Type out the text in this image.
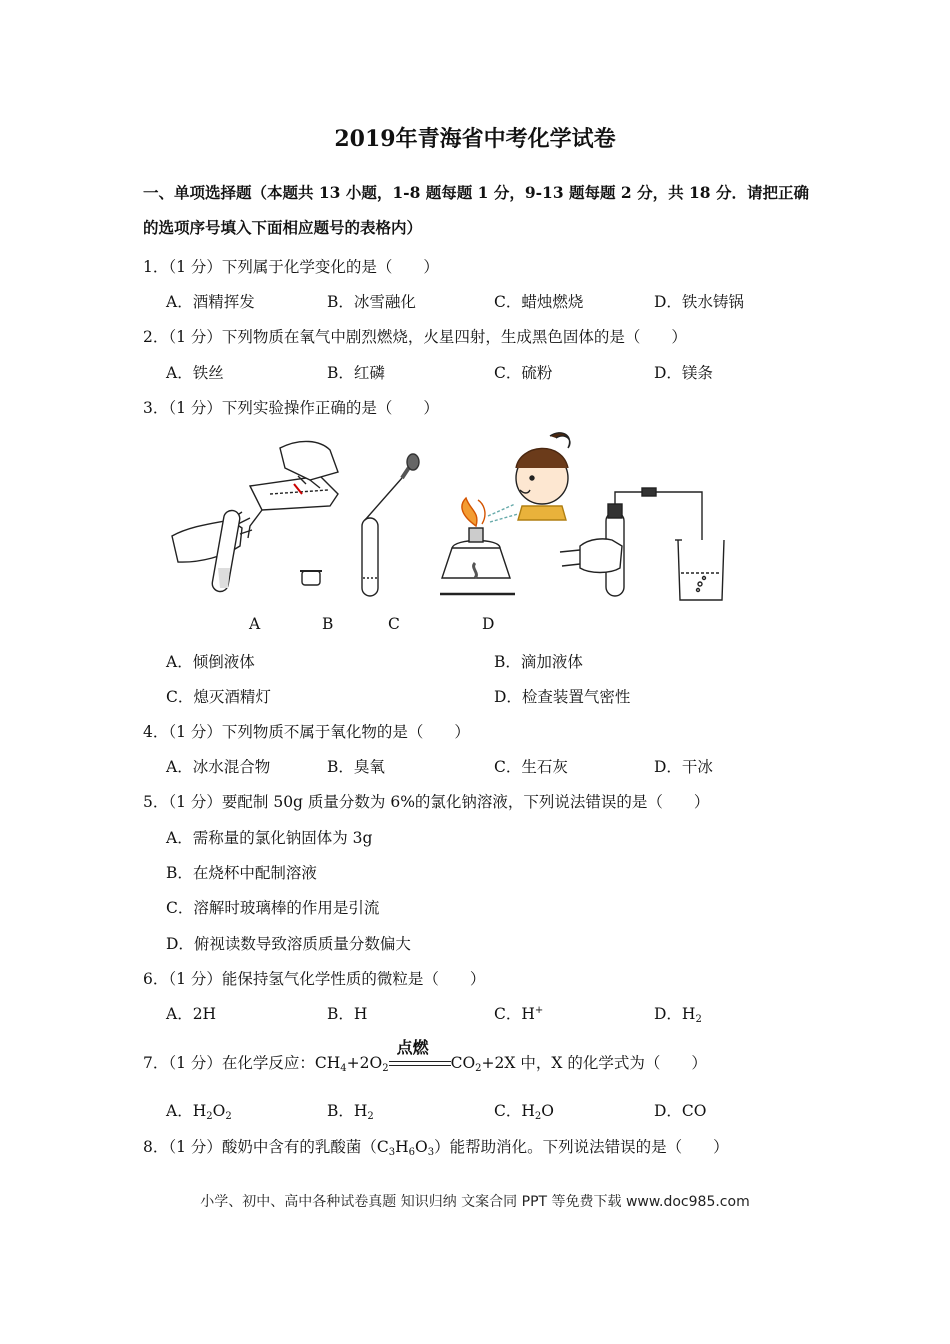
2019年青海省中考化学试卷
一、单项选择题（本题共 13 小题，1-8 题每题 1 分，9-13 题每题 2 分，共 18 分．请把正确
的选项序号填入下面相应题号的表格内）
1．（1 分）下列属于化学变化的是（　　）
A．酒精挥发	B．冰雪融化	C．蜡烛燃烧	D．铁水铸锅
2．（1 分）下列物质在氧气中剧烈燃烧，火星四射，生成黑色固体的是（　　）
A．铁丝	B．红磷	C．硫粉	D．镁条
3．（1 分）下列实验操作正确的是（　　）
A	B	C	D
A．倾倒液体	B．滴加液体
C．熄灭酒精灯	D．检查装置气密性
4．（1 分）下列物质不属于氧化物的是（　　）
A．冰水混合物	B．臭氧	C．生石灰	D．干冰
5．（1 分）要配制 50g 质量分数为 6%的氯化钠溶液，下列说法错误的是（　　）
A．需称量的氯化钠固体为 3g
B．在烧杯中配制溶液
C．溶解时玻璃棒的作用是引流
D．俯视读数导致溶质质量分数偏大
6．（1 分）能保持氢气化学性质的微粒是（　　）
A．2H	B．H	C．H+	D．$H_2$
7．（1 分）在化学反应：$CH_4+2O_2$
点燃
$CO_2+2X$ 中，X 的化学式为（　　）
A．$H_2O_2$	B．$H_2$	C．$H_2O$	D．CO
8．（1 分）酸奶中含有的乳酸菌$(C_3H_6O_3)$能帮助消化。下列说法错误的是（　　）
小学、初中、高中各种试卷真题 知识归纳 文案合同 PPT 等免费下载 www.doc985.com
